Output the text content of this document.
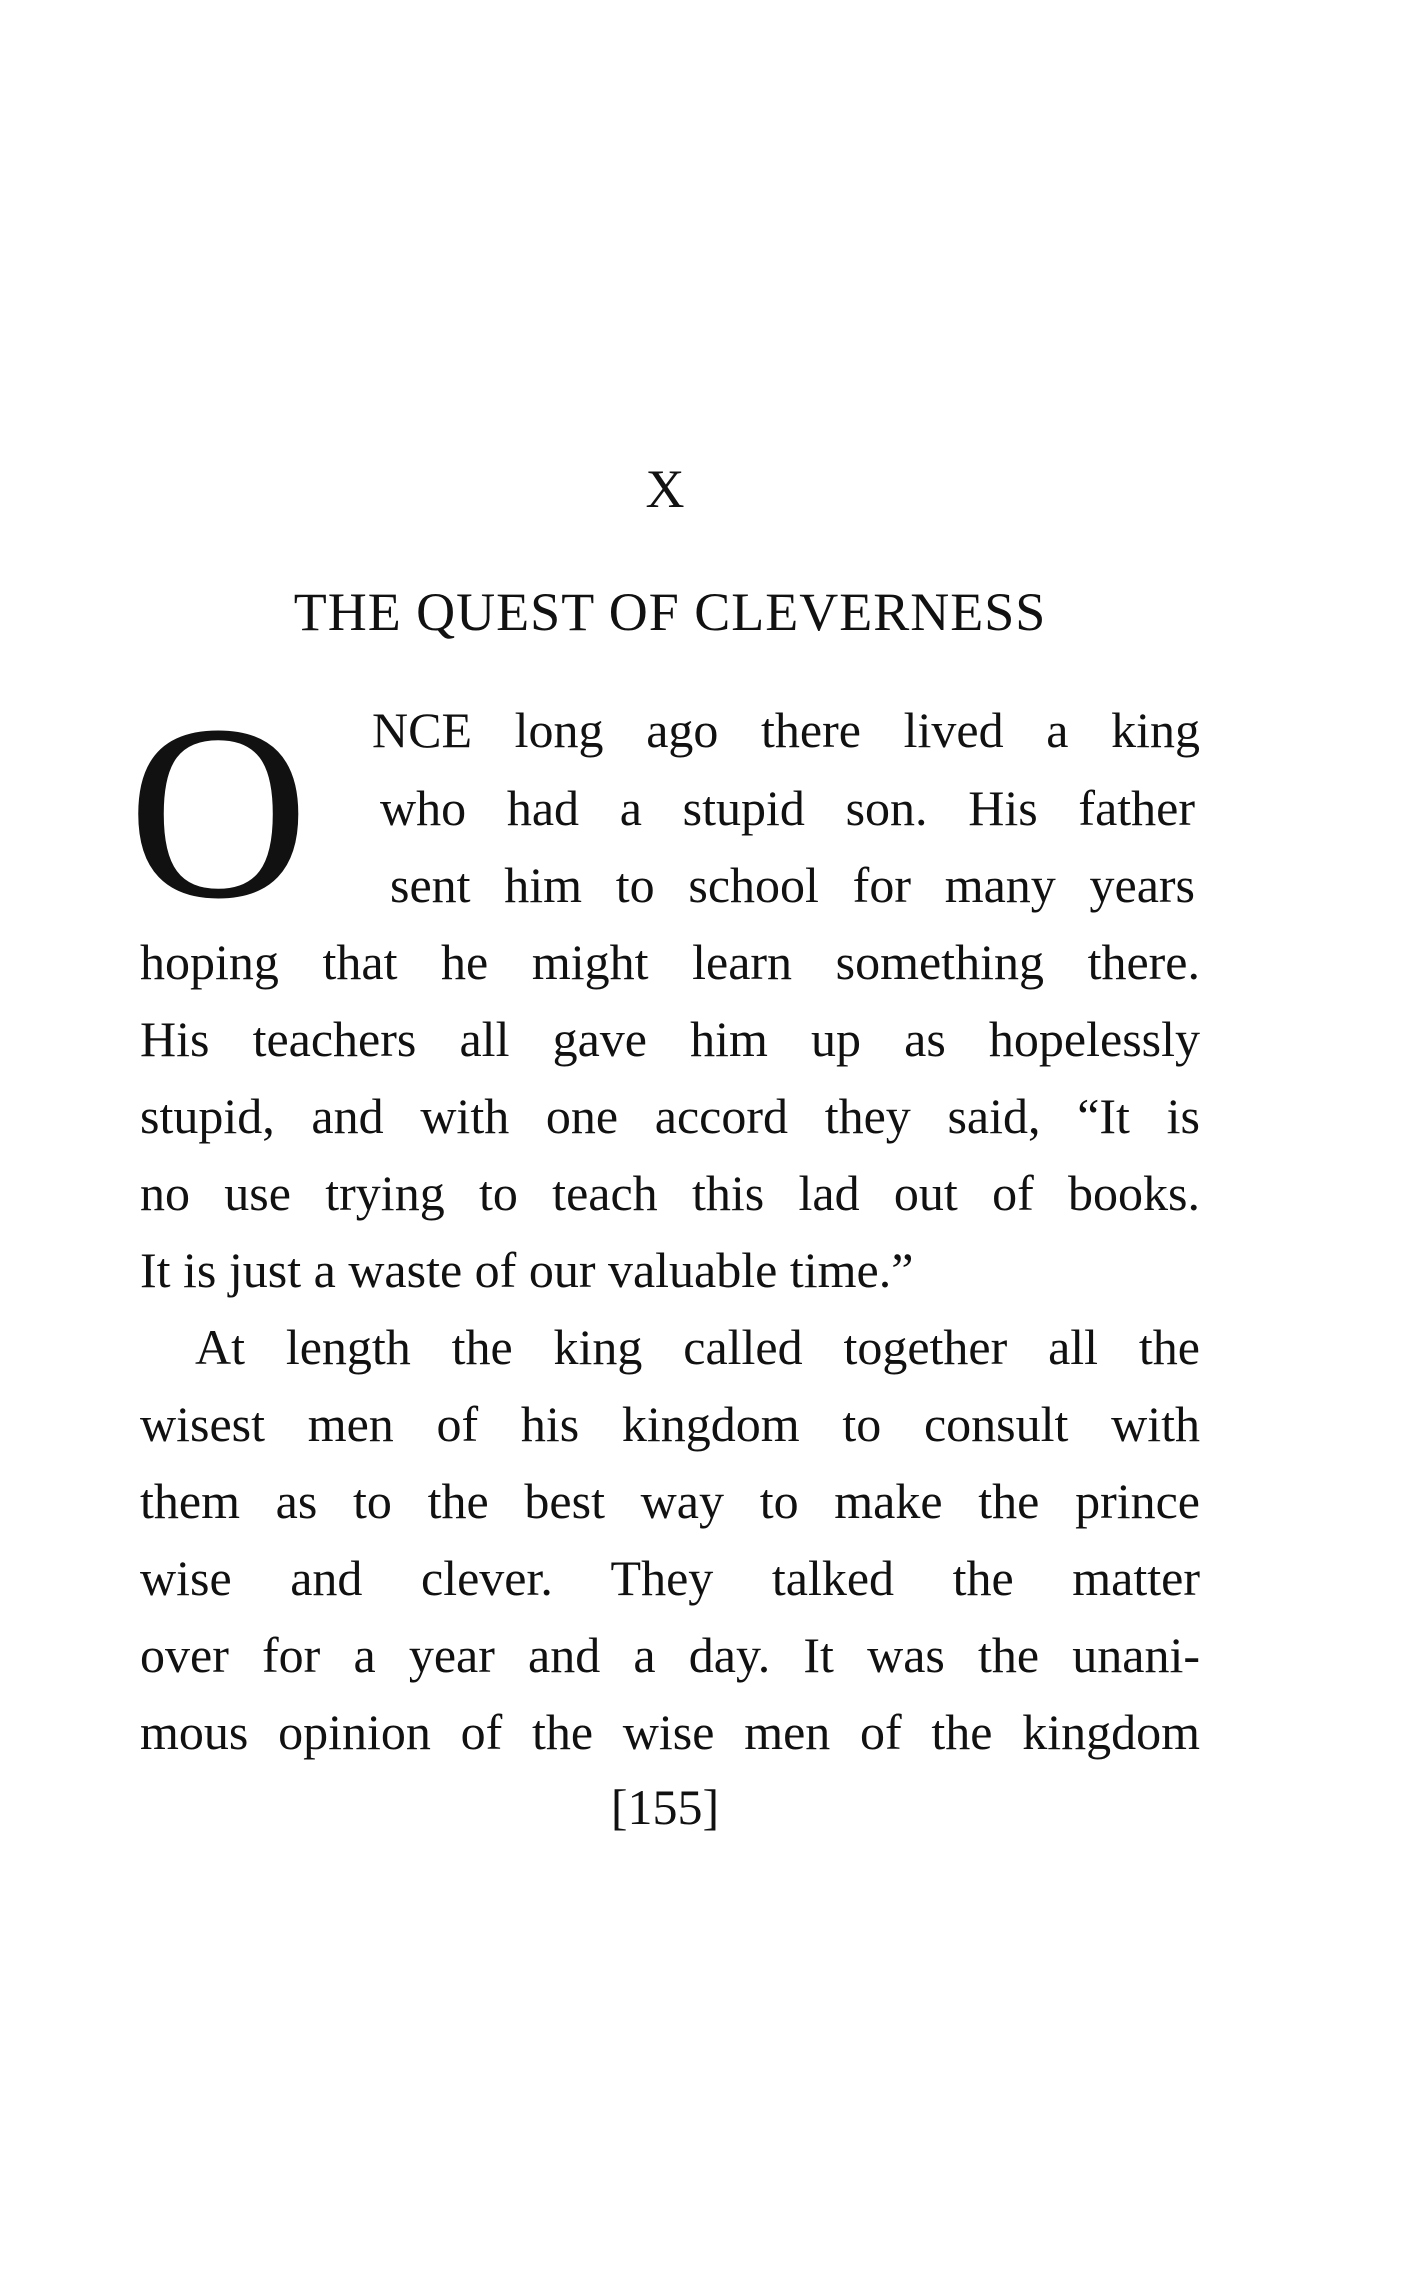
X
THE QUEST OF CLEVERNESS
O NCE long ago there lived a king
who had a stupid son. His father
sent him to school for many years
hoping that he might learn something there.
His teachers all gave him up as hopelessly
stupid, and with one accord they said, “It is
no use trying to teach this lad out of books.
It is just a waste of our valuable time.”
At length the king called together all the
wisest men of his kingdom to consult with
them as to the best way to make the prince
wise and clever. They talked the matter
over for a year and a day. It was the unani-
mous opinion of the wise men of the kingdom
[155]
